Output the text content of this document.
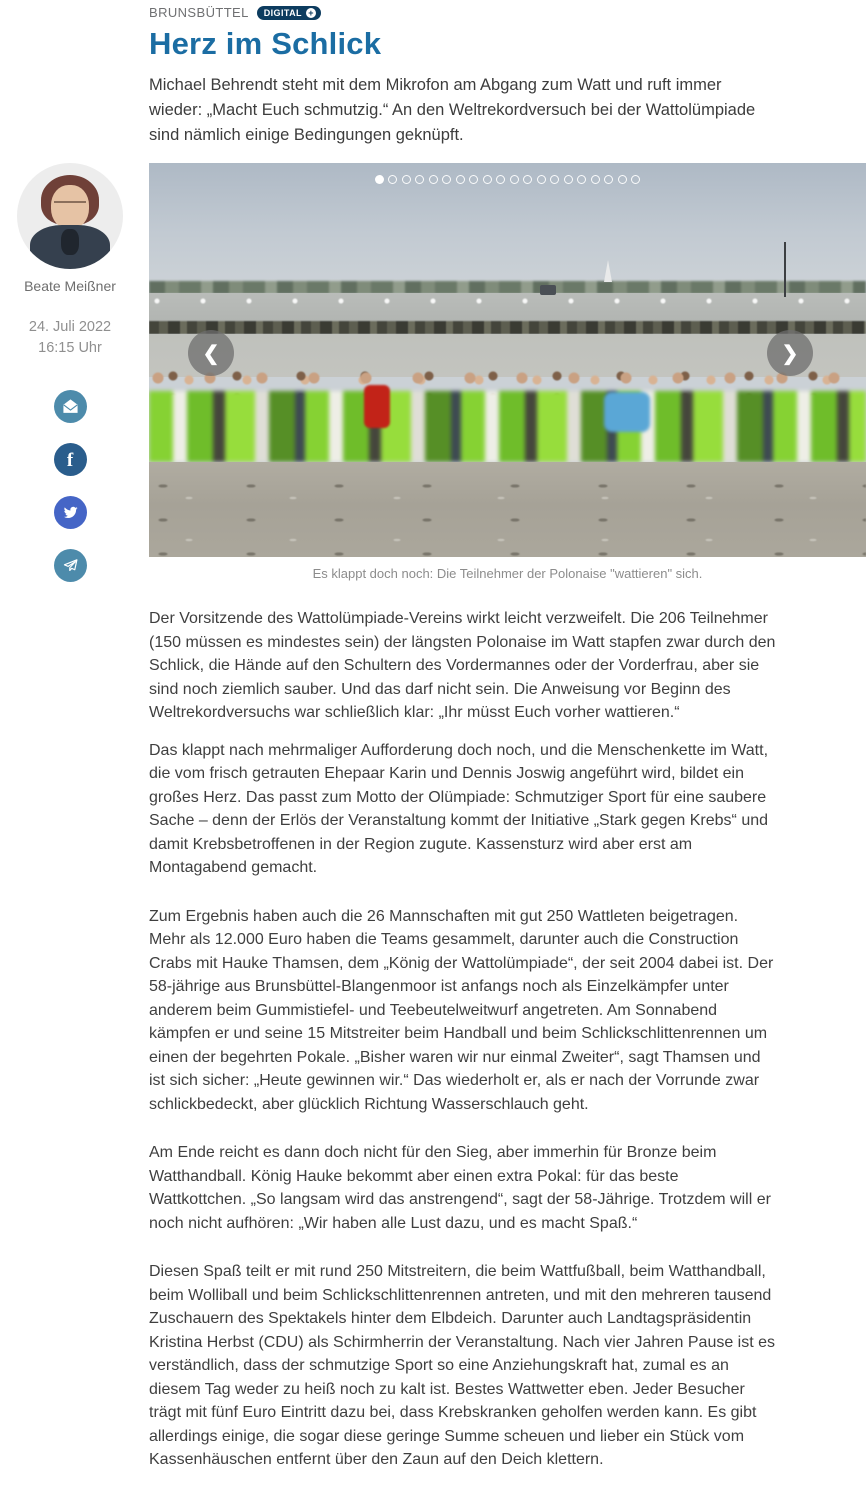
BRUNSBÜTTEL DIGITAL +
Herz im Schlick

Michael Behrendt steht mit dem Mikrofon am Abgang zum Watt und ruft immer wieder: „Macht Euch schmutzig.“ An den Weltrekordversuch bei der Wattolümpiade sind nämlich einige Bedingungen geknüpft.

Beate Meißner
24. Juli 2022
16:15 Uhr
f
❮	❯
Es klappt doch noch: Die Teilnehmer der Polonaise "wattieren" sich.

Der Vorsitzende des Wattolümpiade-Vereins wirkt leicht verzweifelt. Die 206 Teilnehmer (150 müssen es mindestes sein) der längsten Polonaise im Watt stapfen zwar durch den Schlick, die Hände auf den Schultern des Vordermannes oder der Vorderfrau, aber sie sind noch ziemlich sauber. Und das darf nicht sein. Die Anweisung vor Beginn des Weltrekordversuchs war schließlich klar: „Ihr müsst Euch vorher wattieren.“

Das klappt nach mehrmaliger Aufforderung doch noch, und die Menschenkette im Watt, die vom frisch getrauten Ehepaar Karin und Dennis Joswig angeführt wird, bildet ein großes Herz. Das passt zum Motto der Olümpiade: Schmutziger Sport für eine saubere Sache – denn der Erlös der Veranstaltung kommt der Initiative „Stark gegen Krebs“ und damit Krebsbetroffenen in der Region zugute. Kassensturz wird aber erst am Montagabend gemacht.

Zum Ergebnis haben auch die 26 Mannschaften mit gut 250 Wattleten beigetragen. Mehr als 12.000 Euro haben die Teams gesammelt, darunter auch die Construction Crabs mit Hauke Thamsen, dem „König der Wattolümpiade“, der seit 2004 dabei ist. Der 58-jährige aus Brunsbüttel-Blangenmoor ist anfangs noch als Einzelkämpfer unter anderem beim Gummistiefel- und Teebeutelweitwurf angetreten. Am Sonnabend kämpfen er und seine 15 Mitstreiter beim Handball und beim Schlickschlittenrennen um einen der begehrten Pokale. „Bisher waren wir nur einmal Zweiter“, sagt Thamsen und ist sich sicher: „Heute gewinnen wir.“ Das wiederholt er, als er nach der Vorrunde zwar schlickbedeckt, aber glücklich Richtung Wasserschlauch geht.

Am Ende reicht es dann doch nicht für den Sieg, aber immerhin für Bronze beim Watthandball. König Hauke bekommt aber einen extra Pokal: für das beste Wattkottchen. „So langsam wird das anstrengend“, sagt der 58-Jährige. Trotzdem will er noch nicht aufhören: „Wir haben alle Lust dazu, und es macht Spaß.“

Diesen Spaß teilt er mit rund 250 Mitstreitern, die beim Wattfußball, beim Watthandball, beim Wolliball und beim Schlickschlittenrennen antreten, und mit den mehreren tausend Zuschauern des Spektakels hinter dem Elbdeich. Darunter auch Landtagspräsidentin Kristina Herbst (CDU) als Schirmherrin der Veranstaltung. Nach vier Jahren Pause ist es verständlich, dass der schmutzige Sport so eine Anziehungskraft hat, zumal es an diesem Tag weder zu heiß noch zu kalt ist. Bestes Wattwetter eben. Jeder Besucher trägt mit fünf Euro Eintritt dazu bei, dass Krebskranken geholfen werden kann. Es gibt allerdings einige, die sogar diese geringe Summe scheuen und lieber ein Stück vom Kassenhäuschen entfernt über den Zaun auf den Deich klettern.
